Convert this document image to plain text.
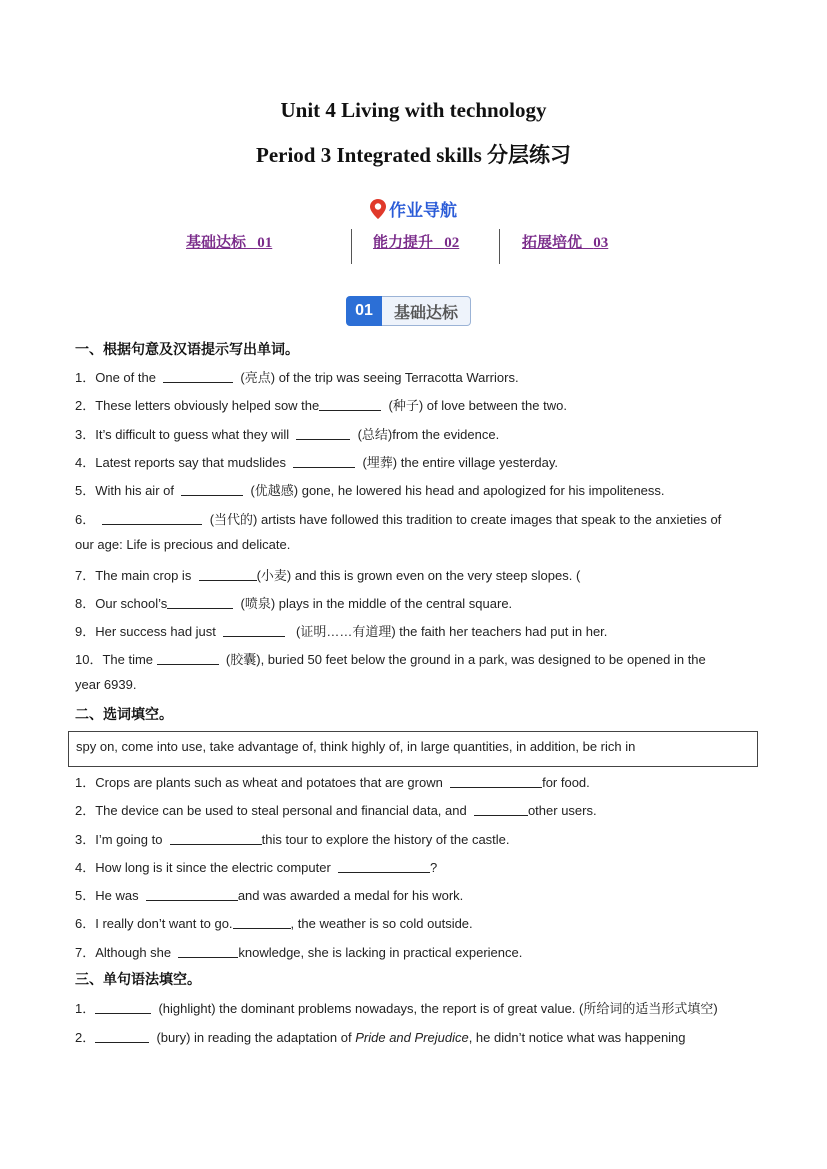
Unit 4 Living with technology
Period 3 Integrated skills 分层练习
作业导航
基础达标 01	能力提升 02	拓展培优 03
01	基础达标
一、根据句意及汉语提示写出单词。
1．One of the	(亮点) of the trip was seeing Terracotta Warriors.
2．These letters obviously helped sow the	(种子) of love between the two.
3．It’s difficult to guess what they will	(总结)from the evidence.
4．Latest reports say that mudslides	(埋葬) the entire village yesterday.
5．With his air of	(优越感) gone, he lowered his head and apologized for his impoliteness.
6．	(当代的) artists have followed this tradition to create images that speak to the anxieties of
our age: Life is precious and delicate.
7．The main crop is	(小麦) and this is grown even on the very steep slopes. (
8．Our school’s	(喷泉) plays in the middle of the central square.
9．Her success had just	(证明……有道理) the faith her teachers had put in her.
10．The time	(胶囊), buried 50 feet below the ground in a park, was designed to be opened in the
year 6939.
二、选词填空。
spy on, come into use, take advantage of, think highly of, in large quantities, in addition, be rich in
1．Crops are plants such as wheat and potatoes that are grown	for food.
2．The device can be used to steal personal and financial data, and	other users.
3．I’m going to	this tour to explore the history of the castle.
4．How long is it since the electric computer	?
5．He was	and was awarded a medal for his work.
6．I really don’t want to go.	, the weather is so cold outside.
7．Although she	knowledge, she is lacking in practical experience.
三、单句语法填空。
1．	(highlight) the dominant problems nowadays, the report is of great value. (所给词的适当形式填空)
2．	(bury) in reading the adaptation of Pride and Prejudice, he didn’t notice what was happening
